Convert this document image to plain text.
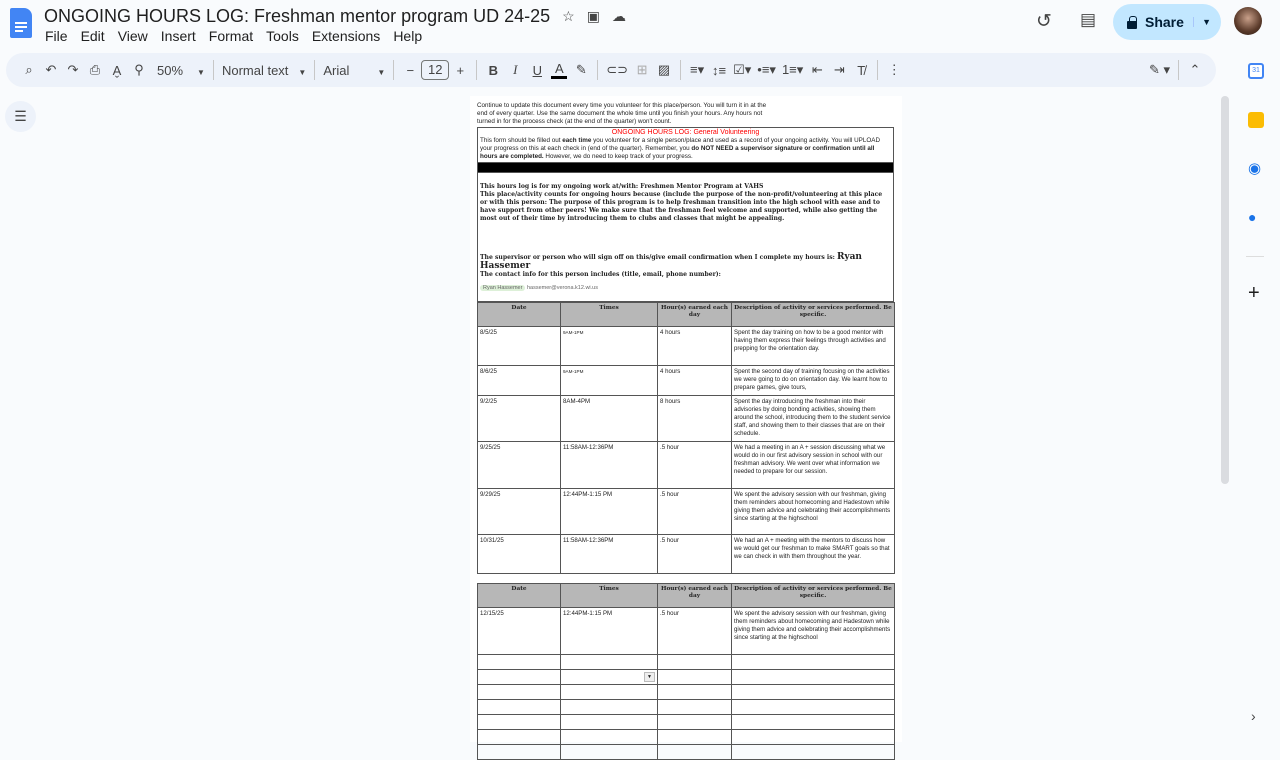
ONGOING HOURS LOG: Freshman mentor program UD 24-25 ☆ ▣ ☁
File Edit View Insert Format Tools Extensions Help
↺ ▤	Share	▼
⌕ ↶ ↷ ⎙ A̬ ⚲	50% ▼ Normal text ▼ Arial	▼	−	12	+	B	I	U A ✎ ⊂⊃ ⊞ ▨ ≡▾ ↕≡ ☑▾ •≡▾ 1≡▾ ⇤ ⇥ T̸	⋮	✎ ▾ ⌃
☰
31
◉
●
+
›

Continue to update this document every time you volunteer for this place/person. You will turn it in at the end of every quarter. Use the same document the whole time until you finish your hours. Any hours not turned in for the process check (at the end of the quarter) won't count.

ONGOING HOURS LOG: General Volunteering

This form should be filled out each time you volunteer for a single person/place and used as a record of your ongoing activity. You will UPLOAD your progress on this at each check in (end of the quarter). Remember, you do NOT NEED a supervisor signature or confirmation until all hours are completed. However, we do need to keep track of your progress.

This hours log is for my ongoing work at/with: Freshmen Mentor Program at VAHS

This place/activity counts for ongoing hours because (include the purpose of the non-profit/volunteering at this place or with this person: The purpose of this program is to help freshman transition into the high school with ease and to have support from other peers! We make sure that the freshman feel welcome and supported, while also getting the most out of their time by introducing them to clubs and classes that might be appealing.

The supervisor or person who will sign off on this/give email confirmation when I complete my hours is: Ryan Hassemer

The contact info for this person includes (title, email, phone number):

Ryan Hassemer hassemer@verona.k12.wi.us

Date	Times	Hour(s) earned each day	Description of activity or services performed. Be specific.
8/5/25	9AM-1PM	4 hours	Spent the day training on how to be a good mentor with having them express their feelings through activities and prepping for the orientation day.
8/6/25	9AM-1PM	4 hours	Spent the second day of training focusing on the activities we were going to do on orientation day. We learnt how to prepare games, give tours,
9/2/25	8AM-4PM	8 hours	Spent the day introducing the freshman into their advisories by doing bonding activities, showing them around the school, introducing them to the student service staff, and showing them to their classes that are on their schedule.
9/25/25	11:58AM-12:36PM	.5 hour	We had a meeting in an A + session discussing what we would do in our first advisory session in school with our freshman advisory. We went over what information we needed to prepare for our session.
9/29/25	12:44PM-1:15 PM	.5 hour	We spent the advisory session with our freshman, giving them reminders about homecoming and Hadestown while giving them advice and celebrating their accomplishments since starting at the highschool
10/31/25	11:58AM-12:36PM	.5 hour	We had an A + meeting with the mentors to discuss how we would get our freshman to make SMART goals so that we can check in with them throughout the year.
Date	Times	Hour(s) earned each day	Description of activity or services performed. Be specific.
12/15/25	12:44PM-1:15 PM	.5 hour	We spent the advisory session with our freshman, giving them reminders about homecoming and Hadestown while giving them advice and celebrating their accomplishments since starting at the highschool

	▼		
